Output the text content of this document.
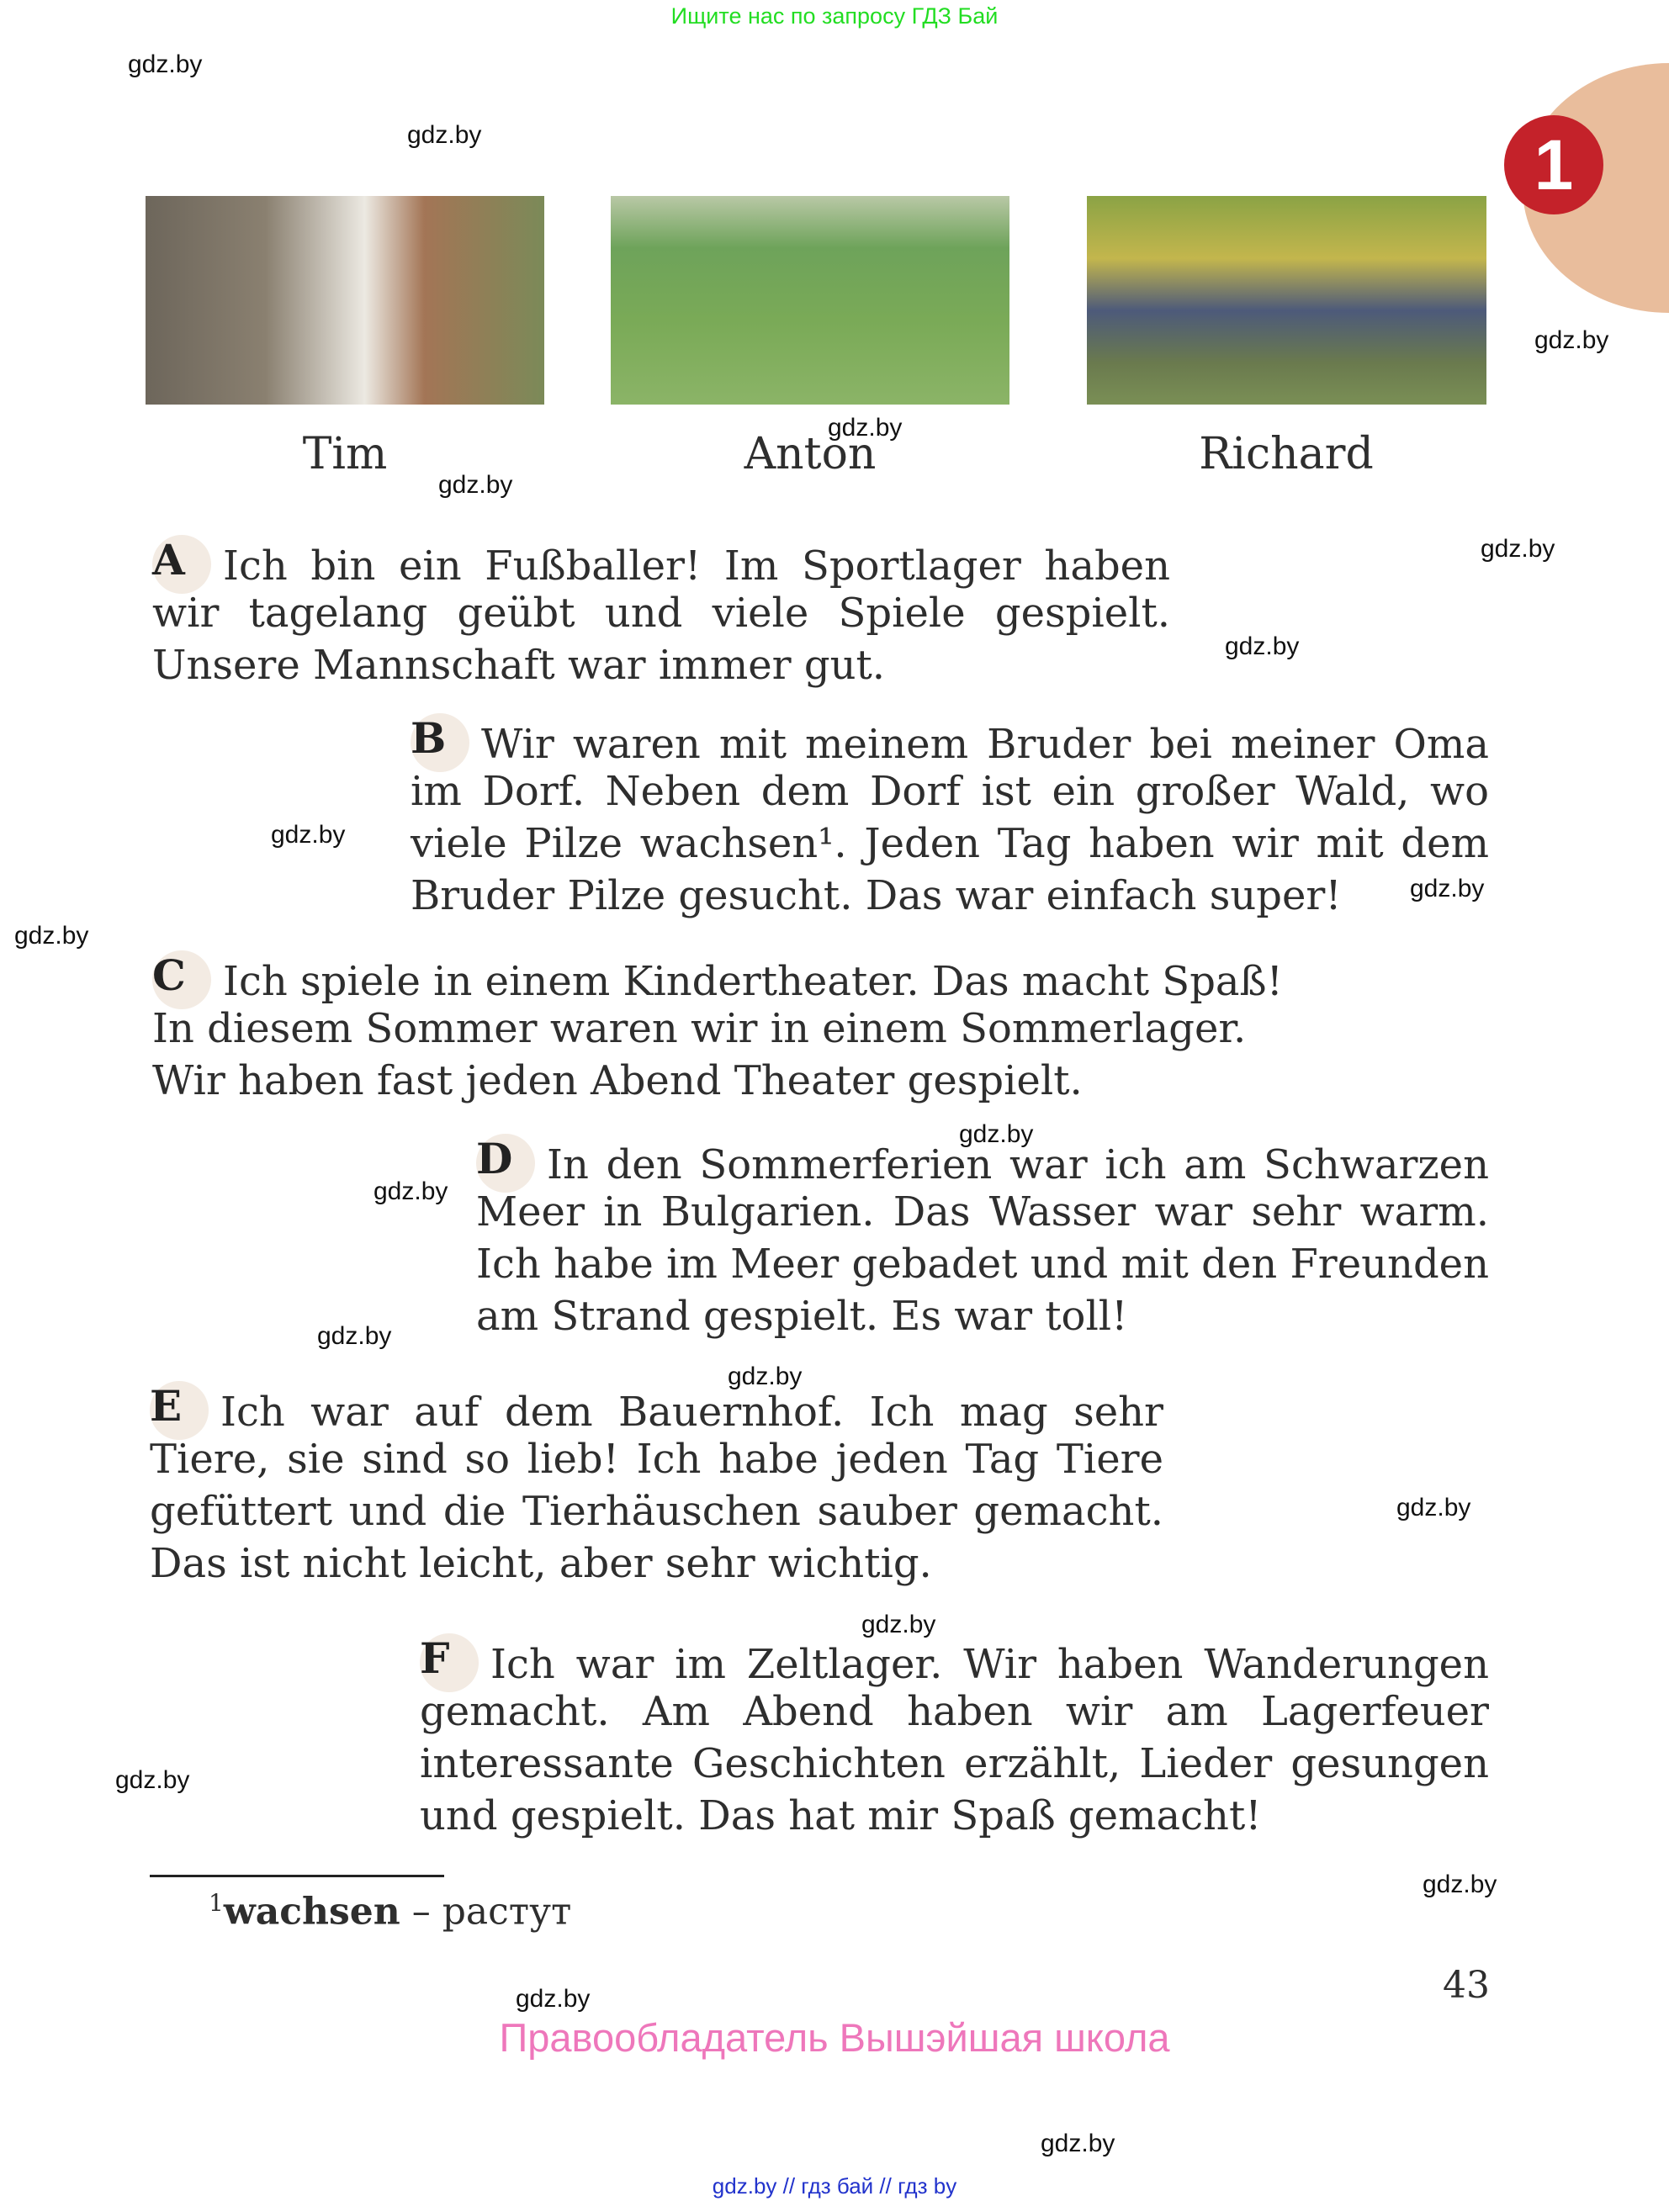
Ищите нас по запросу ГДЗ Бай
1
Tim	Anton	Richard
A Ich bin ein Fußballer! Im Sportlager haben
wir tagelang geübt und viele Spiele gespielt.
Unsere Mannschaft war immer gut.
B Wir waren mit meinem Bruder bei meiner Oma
im Dorf. Neben dem Dorf ist ein großer Wald, wo
viele Pilze wachsen¹. Jeden Tag haben wir mit dem
Bruder Pilze gesucht. Das war einfach super!
C Ich spiele in einem Kindertheater. Das macht Spaß!
In diesem Sommer waren wir in einem Sommerlager.
Wir haben fast jeden Abend Theater gespielt.
D In den Sommerferien war ich am Schwarzen
Meer in Bulgarien. Das Wasser war sehr warm.
Ich habe im Meer gebadet und mit den Freunden
am Strand gespielt. Es war toll!
E Ich war auf dem Bauernhof. Ich mag sehr
Tiere, sie sind so lieb! Ich habe jeden Tag Tiere
gefüttert und die Tierhäuschen sauber gemacht.
Das ist nicht leicht, aber sehr wichtig.
F Ich war im Zeltlager. Wir haben Wanderungen
gemacht. Am Abend haben wir am Lagerfeuer
interessante Geschichten erzählt, Lieder gesungen
und gespielt. Das hat mir Spaß gemacht!
$^1$wachsen – растут
43
Правообладатель Вышэйшая школа
gdz.by // гдз бай // гдз by
gdz.by
gdz.by
gdz.by
gdz.by
gdz.by
gdz.by
gdz.by
gdz.by
gdz.by
gdz.by
gdz.by
gdz.by
gdz.by
gdz.by
gdz.by
gdz.by
gdz.by
gdz.by
gdz.by
gdz.by
